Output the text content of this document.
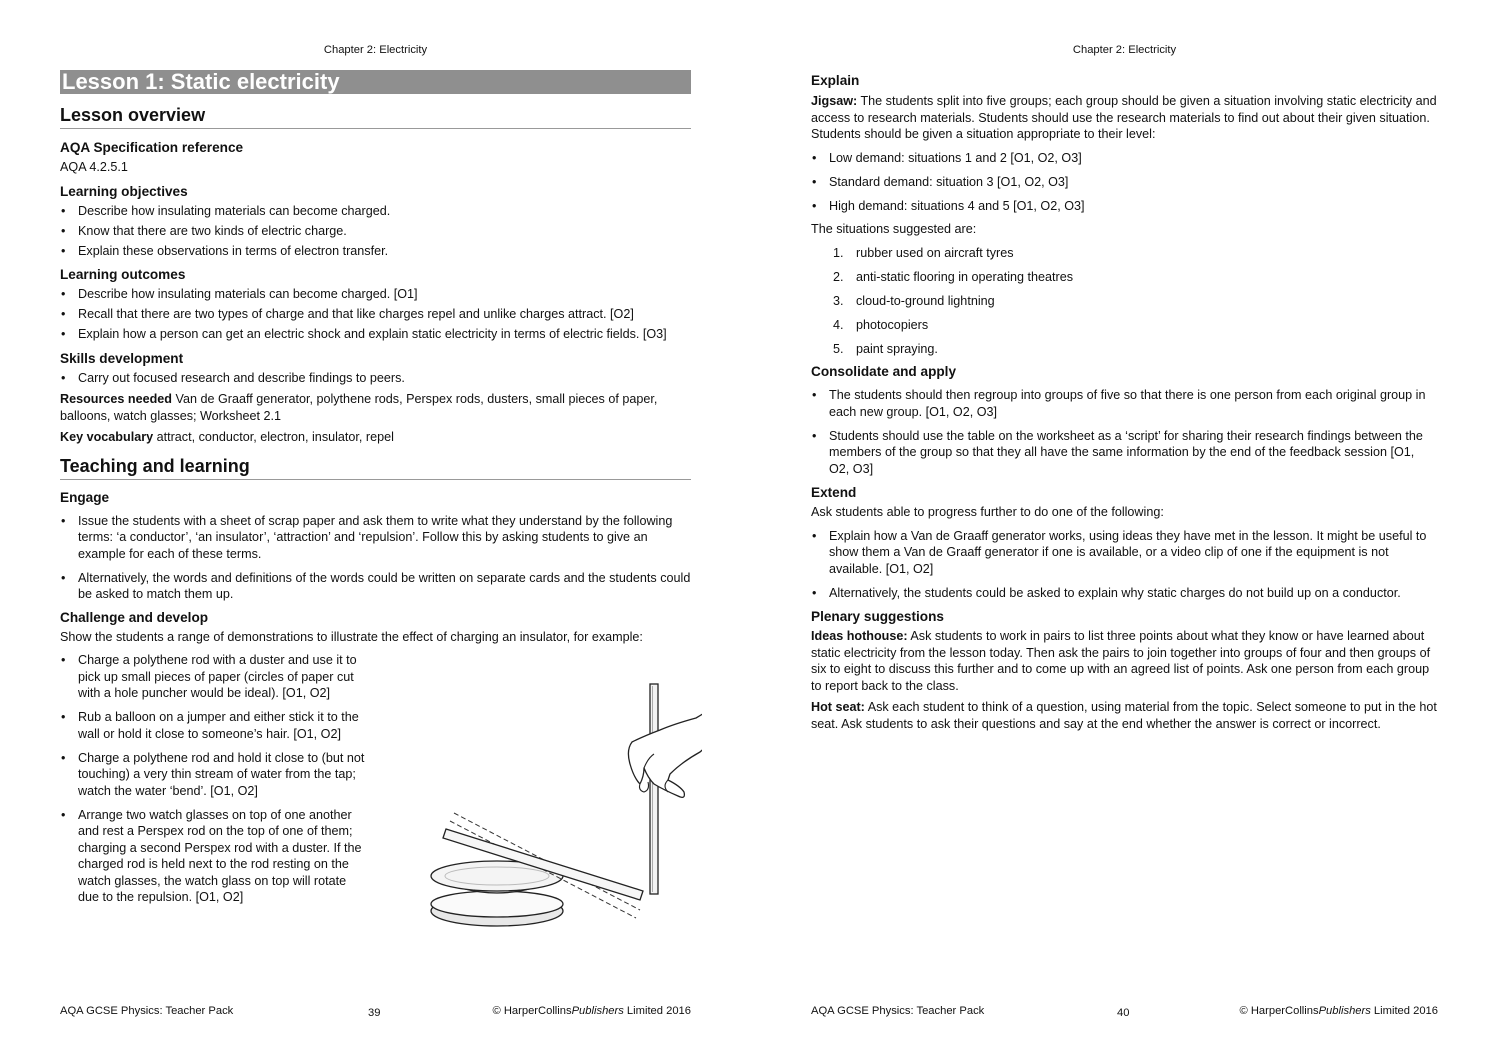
Chapter 2: Electricity
Lesson 1: Static electricity
Lesson overview
AQA Specification reference

AQA 4.2.5.1

Learning objectives
• Describe how insulating materials can become charged.
• Know that there are two kinds of electric charge.
• Explain these observations in terms of electron transfer.
Learning outcomes
• Describe how insulating materials can become charged. [O1]
• Recall that there are two types of charge and that like charges repel and unlike charges attract. [O2]
• Explain how a person can get an electric shock and explain static electricity in terms of electric fields. [O3]
Skills development
• Carry out focused research and describe findings to peers.

Resources needed Van de Graaff generator, polythene rods, Perspex rods, dusters, small pieces of paper, balloons, watch glasses; Worksheet 2.1

Key vocabulary attract, conductor, electron, insulator, repel

Teaching and learning
Engage
• Issue the students with a sheet of scrap paper and ask them to write what they understand by the following terms: ‘a conductor’, ‘an insulator’, ‘attraction’ and ‘repulsion’. Follow this by asking students to give an example for each of these terms.
• Alternatively, the words and definitions of the words could be written on separate cards and the students could be asked to match them up.
Challenge and develop

Show the students a range of demonstrations to illustrate the effect of charging an insulator, for example:

• Charge a polythene rod with a duster and use it to pick up small pieces of paper (circles of paper cut with a hole puncher would be ideal). [O1, O2]
• Rub a balloon on a jumper and either stick it to the wall or hold it close to someone’s hair. [O1, O2]
• Charge a polythene rod and hold it close to (but not touching) a very thin stream of water from the tap; watch the water ‘bend’. [O1, O2]
• Arrange two watch glasses on top of one another and rest a Perspex rod on the top of one of them; charging a second Perspex rod with a duster. If the charged rod is held next to the rod resting on the watch glasses, the watch glass on top will rotate due to the repulsion. [O1, O2]
AQA GCSE Physics: Teacher Pack	39	© HarperCollinsPublishers Limited 2016
Chapter 2: Electricity
Explain

Jigsaw: The students split into five groups; each group should be given a situation involving static electricity and access to research materials. Students should use the research materials to find out about their given situation. Students should be given a situation appropriate to their level:

• Low demand: situations 1 and 2 [O1, O2, O3]
• Standard demand: situation 3 [O1, O2, O3]
• High demand: situations 4 and 5 [O1, O2, O3]

The situations suggested are:

1. rubber used on aircraft tyres
2. anti-static flooring in operating theatres
3. cloud-to-ground lightning
4. photocopiers
5. paint spraying.
Consolidate and apply
• The students should then regroup into groups of five so that there is one person from each original group in each new group. [O1, O2, O3]
• Students should use the table on the worksheet as a ‘script’ for sharing their research findings between the members of the group so that they all have the same information by the end of the feedback session [O1, O2, O3]
Extend

Ask students able to progress further to do one of the following:

• Explain how a Van de Graaff generator works, using ideas they have met in the lesson. It might be useful to show them a Van de Graaff generator if one is available, or a video clip of one if the equipment is not available. [O1, O2]
• Alternatively, the students could be asked to explain why static charges do not build up on a conductor.
Plenary suggestions

Ideas hothouse: Ask students to work in pairs to list three points about what they know or have learned about static electricity from the lesson today. Then ask the pairs to join together into groups of four and then groups of six to eight to discuss this further and to come up with an agreed list of points. Ask one person from each group to report back to the class.

Hot seat: Ask each student to think of a question, using material from the topic. Select someone to put in the hot seat. Ask students to ask their questions and say at the end whether the answer is correct or incorrect.

AQA GCSE Physics: Teacher Pack	40	© HarperCollinsPublishers Limited 2016
